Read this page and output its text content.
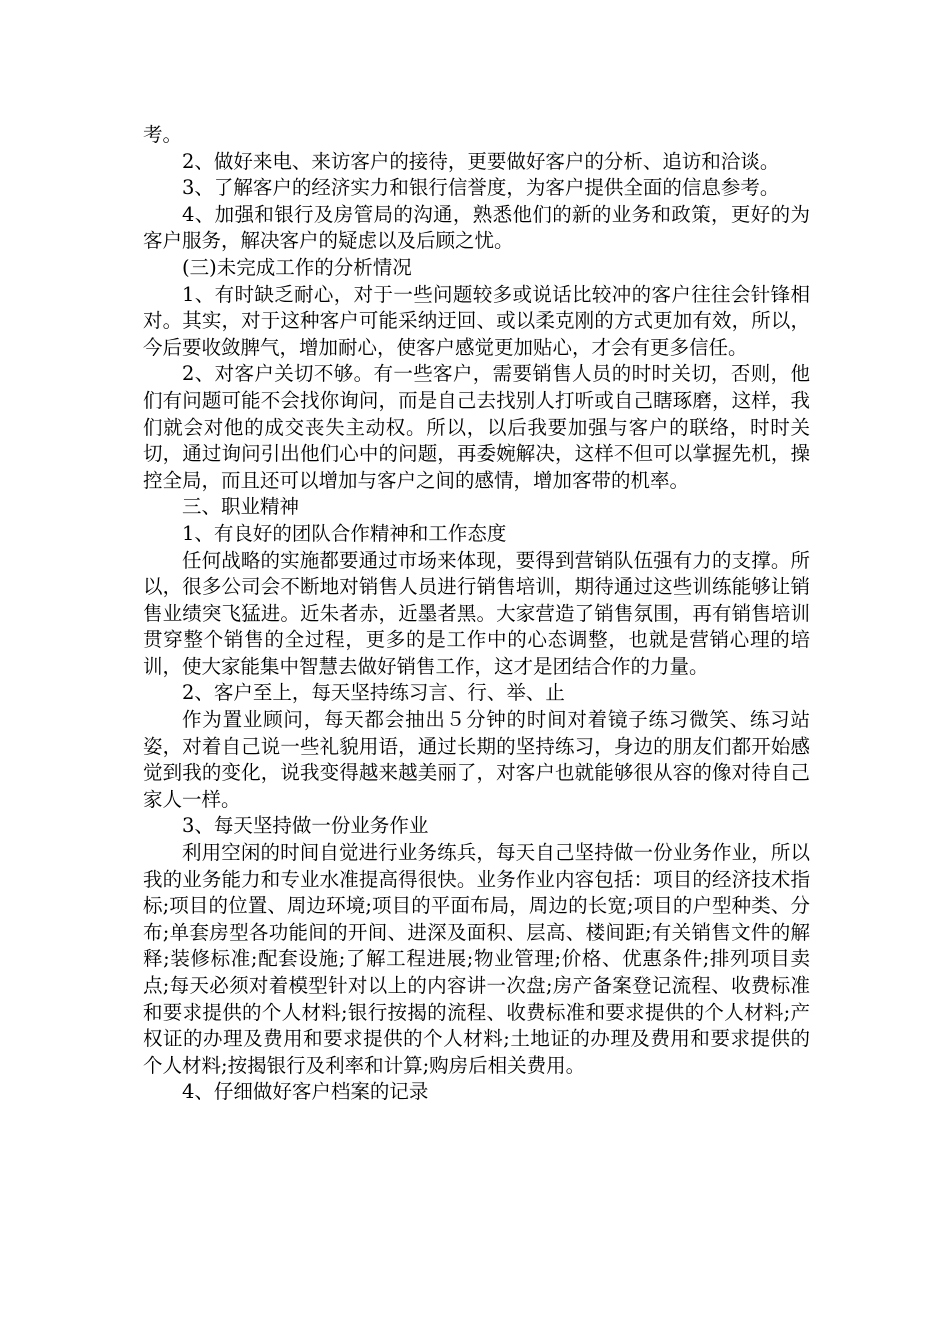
考。

2、做好来电、来访客户的接待，更要做好客户的分析、追访和洽谈。

3、了解客户的经济实力和银行信誉度，为客户提供全面的信息参考。

4、加强和银行及房管局的沟通，熟悉他们的新的业务和政策，更好的为客户服务，解决客户的疑虑以及后顾之忧。

(三)未完成工作的分析情况

1、有时缺乏耐心，对于一些问题较多或说话比较冲的客户往往会针锋相对。其实，对于这种客户可能采纳迂回、或以柔克刚的方式更加有效，所以，今后要收敛脾气，增加耐心，使客户感觉更加贴心，才会有更多信任。

2、对客户关切不够。有一些客户，需要销售人员的时时关切，否则，他们有问题可能不会找你询问，而是自己去找别人打听或自己瞎琢磨，这样，我们就会对他的成交丧失主动权。所以，以后我要加强与客户的联络，时时关切，通过询问引出他们心中的问题，再委婉解决，这样不但可以掌握先机，操控全局，而且还可以增加与客户之间的感情，增加客带的机率。

三、职业精神

1、有良好的团队合作精神和工作态度

任何战略的实施都要通过市场来体现，要得到营销队伍强有力的支撑。所以，很多公司会不断地对销售人员进行销售培训，期待通过这些训练能够让销售业绩突飞猛进。近朱者赤，近墨者黑。大家营造了销售氛围，再有销售培训贯穿整个销售的全过程，更多的是工作中的心态调整，也就是营销心理的培训，使大家能集中智慧去做好销售工作，这才是团结合作的力量。

2、客户至上，每天坚持练习言、行、举、止

作为置业顾问，每天都会抽出５分钟的时间对着镜子练习微笑、练习站姿，对着自己说一些礼貌用语，通过长期的坚持练习，身边的朋友们都开始感觉到我的变化，说我变得越来越美丽了，对客户也就能够很从容的像对待自己家人一样。

3、每天坚持做一份业务作业

利用空闲的时间自觉进行业务练兵，每天自己坚持做一份业务作业，所以我的业务能力和专业水准提高得很快。业务作业内容包括：项目的经济技术指标;项目的位置、周边环境;项目的平面布局，周边的长宽;项目的户型种类、分布;单套房型各功能间的开间、进深及面积、层高、楼间距;有关销售文件的解释;装修标准;配套设施;了解工程进展;物业管理;价格、优惠条件;排列项目卖点;每天必须对着模型针对以上的内容讲一次盘;房产备案登记流程、收费标准和要求提供的个人材料;银行按揭的流程、收费标准和要求提供的个人材料;产权证的办理及费用和要求提供的个人材料;土地证的办理及费用和要求提供的个人材料;按揭银行及利率和计算;购房后相关费用。

4、仔细做好客户档案的记录
